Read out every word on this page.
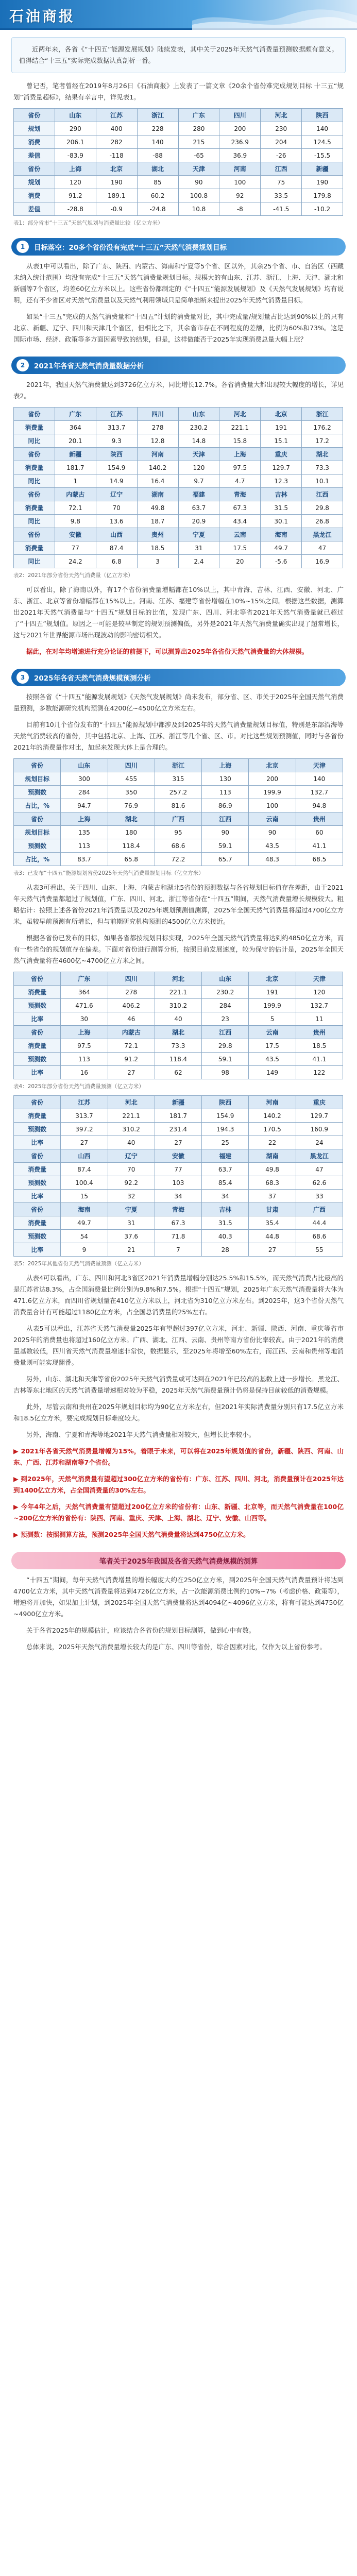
石油商报

近两年来，各省《“十四五”能源发展规划》陆续发表，其中关于2025年天然气消费量预测数据颇有意义。值得结合“十三五”实际完成数据认真剖析一番。

曾记否，笔者曾经在2019年8月26日《石油商报》上发表了一篇文章《20余个省份难完成规划目标 十三五“规划”消费量超标》，结果有幸言中，详见表1。

省份	山东	江苏	浙江	广东	四川	河北	陕西
规划	290	400	228	280	200	230	140
消费	206.1	282	140	215	236.9	204	124.5
差值	-83.9	-118	-88	-65	36.9	-26	-15.5
省份	上海	北京	湖北	天津	河南	江西	新疆
规划	120	190	85	90	100	75	190
消费	91.2	189.1	60.2	100.8	92	33.5	179.8
差值	-28.8	-0.9	-24.8	10.8	-8	-41.5	-10.2

表1：部分省市“十三五”天然气规划与消费量比较（亿立方米）

1	目标落空：20多个省份没有完成“十三五”天然气消费规划目标

从表1中可以看出，除了广东、陕西、内蒙古、海南和宁夏等5个省、区以外，其余25个省、市、自治区（西藏未纳入统计范围）均没有完成“十三五”天然气消费量规划目标。规模大的有山东、江苏、浙江、上海、天津、湖北和新疆等7个省区，均差60亿立方米以上。这些省份都制定的《“十四五”能源发展规划》及《天然气发展规划》均有说明，还有不少省区对天然气消费量以及天然气利用领域只是简单推断来提出2025年天然气消费量目标。

如果“十三五”完成的天然气消费量和“十四五”计划的消费量对比，其中完成量/规划量占比达到90%以上的只有北京、新疆、辽宁、四川和天津几个省区，但相比之下，其余省市存在不同程度的差额，比例为60%和73%。这是国际市场、经济、政策等多方面因素导致的结果，但是，这样做能否于2025年实现消费总量大幅上涨？

2	2021年各省天然气消费量数据分析

2021年，我国天然气消费量达到3726亿立方米，同比增长12.7%。各省消费量大都出现较大幅度的增长，详见表2。

省份	广东	江苏	四川	山东	河北	北京	浙江
消费量	364	313.7	278	230.2	221.1	191	176.2
同比	20.1	9.3	12.8	14.8	15.8	15.1	17.2
省份	新疆	陕西	河南	天津	上海	重庆	湖北
消费量	181.7	154.9	140.2	120	97.5	129.7	73.3
同比	1	14.9	16.4	9.7	4.7	12.3	10.1
省份	内蒙古	辽宁	湖南	福建	青海	吉林	江西
消费量	72.1	70	49.8	63.7	67.3	31.5	29.8
同比	9.8	13.6	18.7	20.9	43.4	30.1	26.8
省份	安徽	山西	贵州	宁夏	云南	海南	黑龙江
消费量	77	87.4	18.5	31	17.5	49.7	47
同比	24.2	6.8	3	2.4	20	-5.6	16.9

表2：2021年部分省份天然气消费量（亿立方米）

可以看出，除了海南以外，有17个省份消费量增幅都在10%以上，其中青海、吉林、江西、安徽、河北、广东、浙江、北京等省份增幅都在15%以上。河南、江苏、福建等省份增幅在10%~15%之间。根据这些数据，测算出2021年天然气消费量与“十四五”规划目标的比值，发现广东、四川、河北等省2021年天然气消费量就已超过了“十四五”规划值。原因之一可能是较早制定的规划预测偏低，另外是2021年天然气消费量确实出现了超常增长，这与2021年世界能源市场出现波动的影响密切相关。

据此，在对年均增速进行充分论证的前提下，可以测算出2025年各省份天然气消费量的大体规模。

3	2025年各省天然气消费规模预测分析

按照各省《“十四五”能源发展规划》《天然气发展规划》尚未发布，部分省、区、市关于2025年全国天然气消费量预测，多数能源研究机构预测在4200亿~4500亿立方米左右。

目前有10几个省份发布的“十四五”能源规划中都涉及到2025年的天然气消费量规划目标值，特别是东部沿海等天然气消费较高的省份，其中包括北京、上海、江苏、浙江等几个省、区、市。对比这些规划预测值，同时与各省份2021年的消费量作对比，加起来发现大体上是合理的。

省份	山东	四川	浙江	上海	北京	天津
规划目标	300	455	315	130	200	140
预测数	284	350	257.2	113	199.9	132.7
占比，%	94.7	76.9	81.6	86.9	100	94.8
省份	上海	湖北	广西	江西	云南	贵州
规划目标	135	180	95	90	90	60
预测数	113	118.4	68.6	59.1	43.5	41.1
占比，%	83.7	65.8	72.2	65.7	48.3	68.5

表3：已发布“十四五”能源规划省份2025年天然气消费量规划目标（亿立方米）

从表3可看出，关于四川、山东、上海、内蒙古和湖北5省份的预测数据与各省规划目标值存在差距，由于2021年天然气消费量都超过了规划值，广东、四川、河北、浙江等省份在“十四五”期间，天然气消费量增长规模较大。粗略估计：按照上述各省份2021年消费量以及2025年规划预测值测算，2025年全国天然气消费量将超过4700亿立方米，虽较早前预测有所增长，但与前期研究机构预测的4500亿立方米接近。

根据各省份已发布的目标，如果各省都按规划目标实现，2025年全国天然气消费量将达到约4850亿立方米，而有一些省份的规划值存在偏差。下面对省份进行测算分析，按照目前发展速度，较为保守的估计是，2025年全国天然气消费量将在4600亿~4700亿立方米之间。

省份	广东	四川	河北	山东	北京	天津
消费量	364	278	221.1	230.2	191	120
预测数	471.6	406.2	310.2	284	199.9	132.7
比率	30	46	40	23	5	11
省份	上海	内蒙古	湖北	江西	云南	贵州
消费量	97.5	72.1	73.3	29.8	17.5	18.5
预测数	113	91.2	118.4	59.1	43.5	41.1
比率	16	27	62	98	149	122

表4：2025年部分省份天然气消费量预测（亿立方米）

省份	江苏	河北	新疆	陕西	河南	重庆
消费量	313.7	221.1	181.7	154.9	140.2	129.7
预测数	397.2	310.2	231.4	194.3	170.5	160.9
比率	27	40	27	25	22	24
省份	山西	辽宁	安徽	福建	湖南	黑龙江
消费量	87.4	70	77	63.7	49.8	47
预测数	100.4	92.2	103	85.4	68.3	62.6
比率	15	32	34	34	37	33
省份	海南	宁夏	青海	吉林	甘肃	广西
消费量	49.7	31	67.3	31.5	35.4	44.4
预测数	54	37.6	71.8	40.3	44.8	68.6
比率	9	21	7	28	27	55

表5：2025年其他省份天然气消费量预测（亿立方米）

从表4可以看出，广东、四川和河北3省区2021年消费量增幅分别达25.5%和15.5%，而天然气消费占比最高的是江苏省达8.3%，占全国消费量比例分别为9.8%和7.5%。根据“十四五”规划，2025年广东天然气消费量将大体为471.6亿立方米，而四川省规划量在410亿立方米以上，河北省为310亿立方米左右。到2025年，这3个省份天然气消费量合计有可能超过1180亿立方米，占全国总消费量的25%左右。

从表5可以看出，江苏省天然气消费量2025年有望超过397亿立方米，河北、新疆、陕西、河南、重庆等省市2025年的消费量也将超过160亿立方米。广西、湖北、江西、云南、贵州等南方省份比率较高。由于2021年的消费量基数较低，四川省天然气消费量增速非常快，数据显示，至2025年将增至60%左右，而江西、云南和贵州等地消费量则可能实现翻番。

另外，山东、湖北和天津等省份2025年天然气消费量或可达到在2021年已较高的基数上进一步增长。黑龙江、吉林等东北地区的天然气消费量增速相对较为平稳，2025年天然气消费量预计仍将是保持目前较低的消费规模。

此外，尽管云南和贵州在2025年规划目标均为90亿立方米左右，但2021年实际消费量分别只有17.5亿立方米和18.5亿立方米，要完成规划目标难度较大。

另外，海南、宁夏和青海等地2021年天然气消费量相对较大，但增长比率较小。

▶ 2021年各省天然气消费量增幅为15%，着眼于未来，可以将在2025年规划值的省份，新疆、陕西、河南、山东、广西、江苏和湖南等7个省份。

▶ 到2025年，天然气消费量有望超过300亿立方米的省份有：广东、江苏、四川、河北，消费量预计在2025年达到1400亿立方米，占全国消费量的30%左右。

▶ 今年4年之后，天然气消费量有望超过200亿立方米的省份有：山东、新疆、北京等，而天然气消费量在100亿~200亿立方米的省份有：陕西、河南、重庆、天津、上海、湖北、辽宁、安徽、山西等。

▶ 预测数：按照测算方法，预测2025年全国天然气消费量将达到4750亿立方米。

笔者关于2025年我国及各省天然气消费规模的测算

“十四五”期间，每年天然气消费增量的增长幅度大约在250亿立方米，到2025年全国天然气消费量预计将达到4700亿立方米，其中天然气消费量将达到4726亿立方米，占一次能源消费比例约10%~7%（考虑价格、政策等），增速将开加快，如果加上计划，到2025年全国天然气消费量将达到4094亿~4096亿立方米，将有可能达到4750亿~4900亿立方米。

关于各省2025年的规模估计，应该结合各省份的规划目标测算，做到心中有数。

总体来说，2025年天然气消费量增长较大的是广东、四川等省份，综合因素对比，仅作为以上省份参考。
